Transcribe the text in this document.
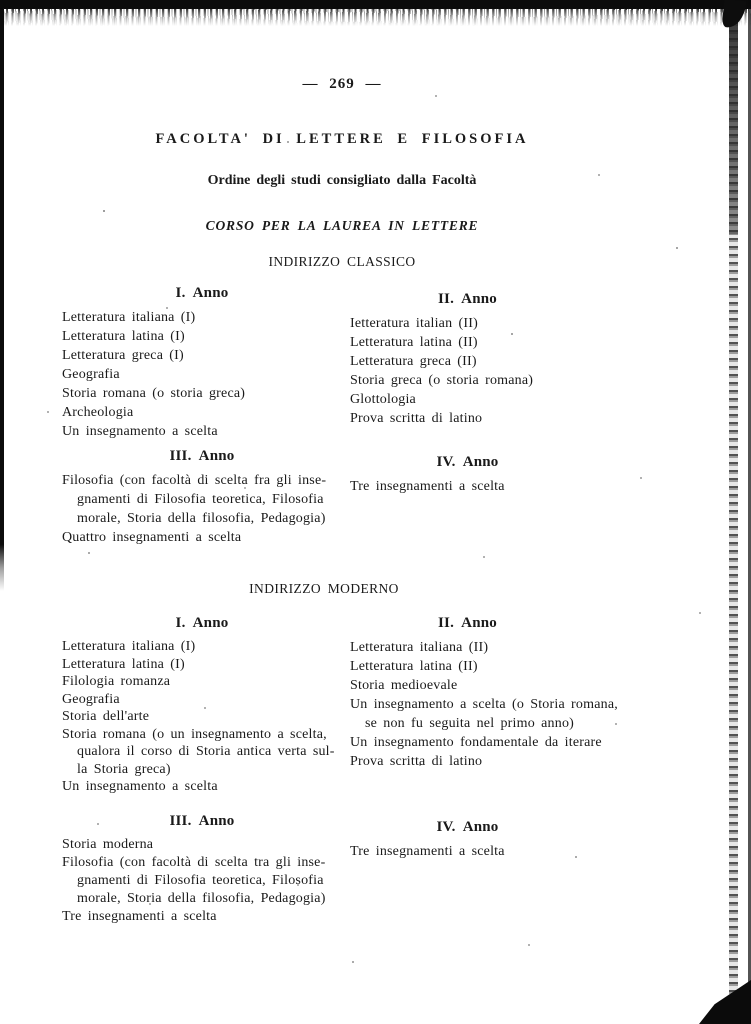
— 269 —
FACOLTA' DI LETTERE E FILOSOFIA
Ordine degli studi consigliato dalla Facoltà
CORSO PER LA LAUREA IN LETTERE
INDIRIZZO CLASSICO
I. Anno
Letteratura italiana (I)
Letteratura latina (I)
Letteratura greca (I)
Geografia
Storia romana (o storia greca)
Archeologia
Un insegnamento a scelta
II. Anno
Ietteratura italian (II)
Letteratura latina (II)
Letteratura greca (II)
Storia greca (o storia romana)
Glottologia
Prova scritta di latino
III. Anno
Filosofia (con facoltà di scelta fra gli inse-
gnamenti di Filosofia teoretica, Filosofia
morale, Storia della filosofia, Pedagogia)
Quattro insegnamenti a scelta
IV. Anno
Tre insegnamenti a scelta
INDIRIZZO MODERNO
I. Anno
Letteratura italiana (I)
Letteratura latina (I)
Filologia romanza
Geografia
Storia dell'arte
Storia romana (o un insegnamento a scelta,
qualora il corso di Storia antica verta sul-
la Storia greca)
Un insegnamento a scelta
II. Anno
Letteratura italiana (II)
Letteratura latina (II)
Storia medioevale
Un insegnamento a scelta (o Storia romana,
se non fu seguita nel primo anno)
Un insegnamento fondamentale da iterare
Prova scritta di latino
III. Anno
Storia moderna
Filosofia (con facoltà di scelta tra gli inse-
gnamenti di Filosofia teoretica, Filosofia
morale, Storia della filosofia, Pedagogia)
Tre insegnamenti a scelta
IV. Anno
Tre insegnamenti a scelta
